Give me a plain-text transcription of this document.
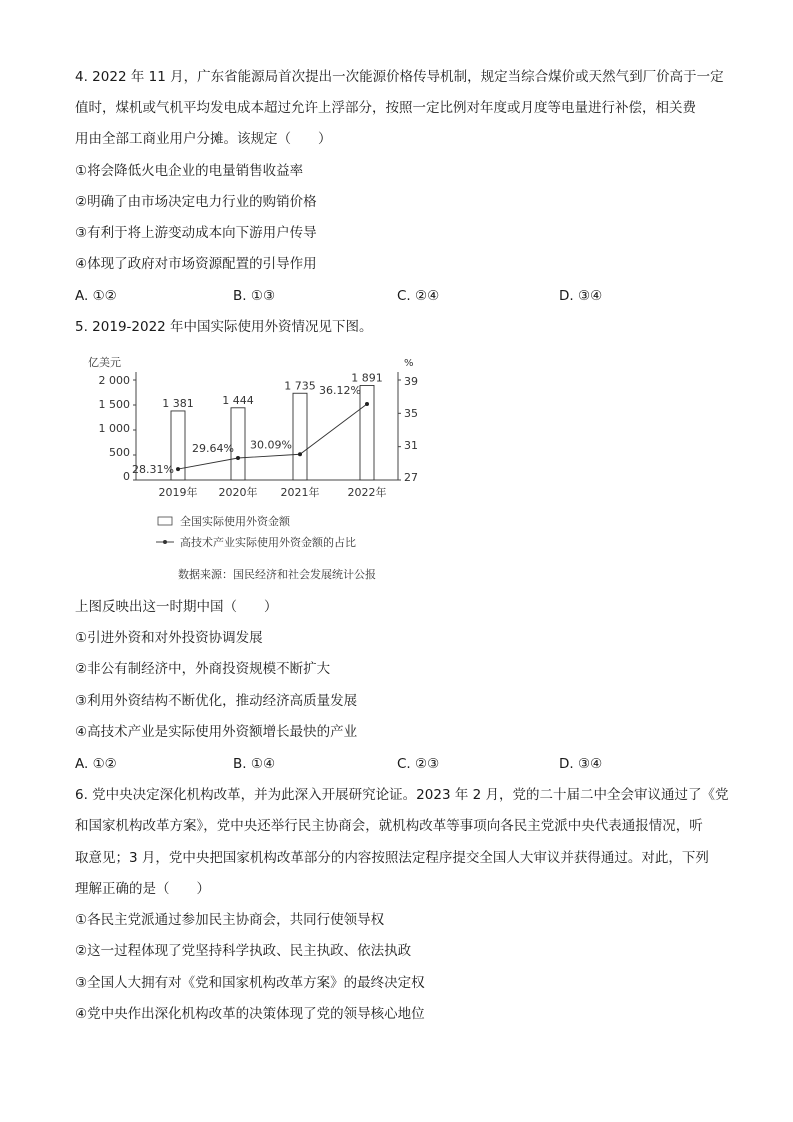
4. 2022 年 11 月，广东省能源局首次提出一次能源价格传导机制，规定当综合煤价或天然气到厂价高于一定
值时，煤机或气机平均发电成本超过允许上浮部分，按照一定比例对年度或月度等电量进行补偿，相关费
用由全部工商业用户分摊。该规定（　　）
①将会降低火电企业的电量销售收益率
②明确了由市场决定电力行业的购销价格
③有利于将上游变动成本向下游用户传导
④体现了政府对市场资源配置的引导作用
A. ①②	B. ①③	C. ②④	D. ③④
5. 2019-2022 年中国实际使用外资情况见下图。
亿美元	%
2 000
1 500
1 000
500
0
39
35
31
27
2019年 2020年 2021年	2022年
1 381	1 444
1 735
1 891
28.31%
29.64% 30.09%
36.12%
全国实际使用外资金额
高技术产业实际使用外资金额的占比
数据来源：国民经济和社会发展统计公报
上图反映出这一时期中国（　　）
①引进外资和对外投资协调发展
②非公有制经济中，外商投资规模不断扩大
③利用外资结构不断优化，推动经济高质量发展
④高技术产业是实际使用外资额增长最快的产业
A. ①②	B. ①④	C. ②③	D. ③④
6. 党中央决定深化机构改革，并为此深入开展研究论证。2023 年 2 月，党的二十届二中全会审议通过了《党
和国家机构改革方案》，党中央还举行民主协商会，就机构改革等事项向各民主党派中央代表通报情况，听
取意见；3 月，党中央把国家机构改革部分的内容按照法定程序提交全国人大审议并获得通过。对此，下列
理解正确的是（　　）
①各民主党派通过参加民主协商会，共同行使领导权
②这一过程体现了党坚持科学执政、民主执政、依法执政
③全国人大拥有对《党和国家机构改革方案》的最终决定权
④党中央作出深化机构改革的决策体现了党的领导核心地位
